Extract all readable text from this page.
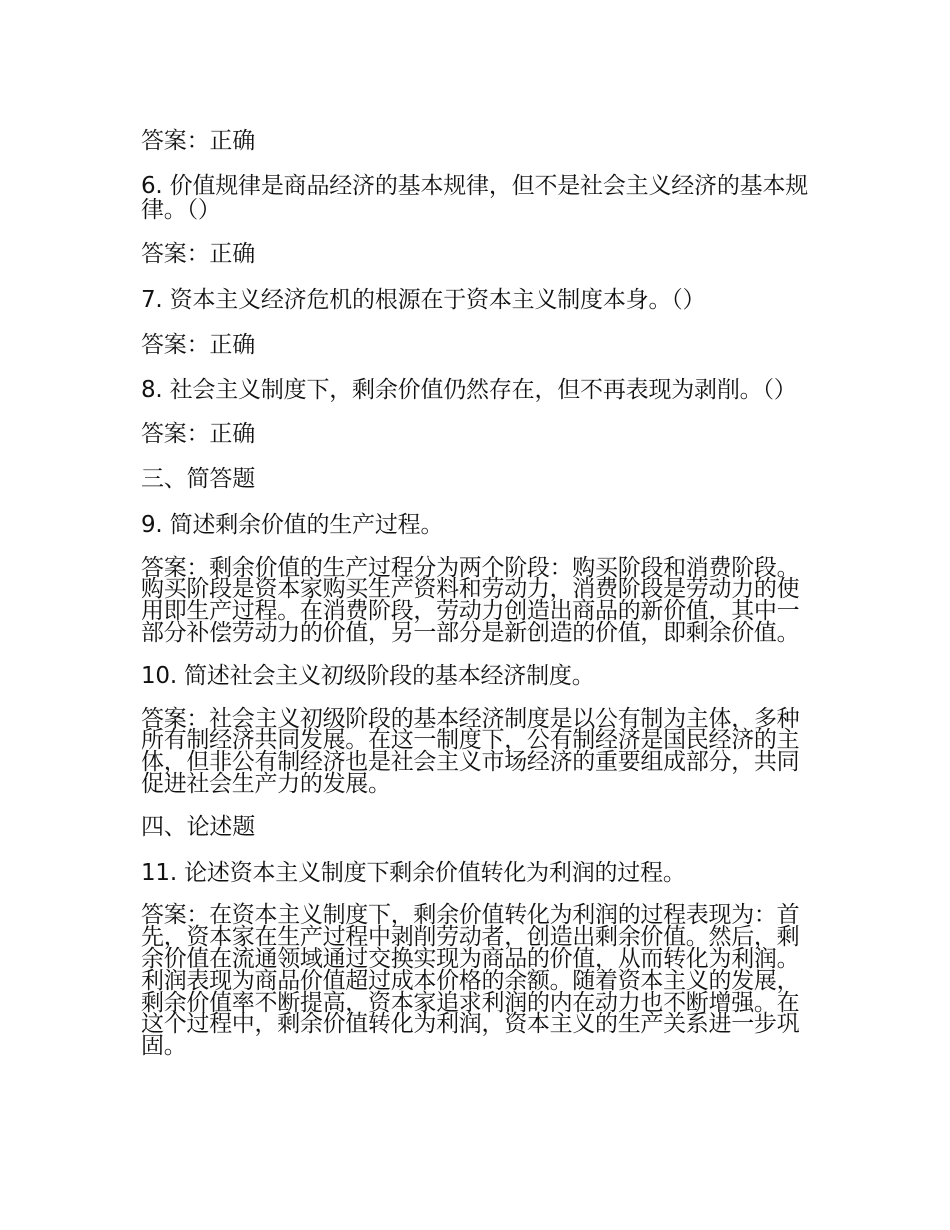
答案：正确

6. 价值规律是商品经济的基本规律，但不是社会主义经济的基本规律。（）

答案：正确

7. 资本主义经济危机的根源在于资本主义制度本身。（）

答案：正确

8. 社会主义制度下，剩余价值仍然存在，但不再表现为剥削。（）

答案：正确

三、简答题

9. 简述剩余价值的生产过程。

答案：剩余价值的生产过程分为两个阶段：购买阶段和消费阶段。购买阶段是资本家购买生产资料和劳动力，消费阶段是劳动力的使用即生产过程。在消费阶段，劳动力创造出商品的新价值，其中一部分补偿劳动力的价值，另一部分是新创造的价值，即剩余价值。

10. 简述社会主义初级阶段的基本经济制度。

答案：社会主义初级阶段的基本经济制度是以公有制为主体，多种所有制经济共同发展。在这一制度下，公有制经济是国民经济的主体，但非公有制经济也是社会主义市场经济的重要组成部分，共同促进社会生产力的发展。

四、论述题

11. 论述资本主义制度下剩余价值转化为利润的过程。

答案：在资本主义制度下，剩余价值转化为利润的过程表现为：首先，资本家在生产过程中剥削劳动者，创造出剩余价值。然后，剩余价值在流通领域通过交换实现为商品的价值，从而转化为利润。利润表现为商品价值超过成本价格的余额。随着资本主义的发展，剩余价值率不断提高，资本家追求利润的内在动力也不断增强。在这个过程中，剩余价值转化为利润，资本主义的生产关系进一步巩固。
